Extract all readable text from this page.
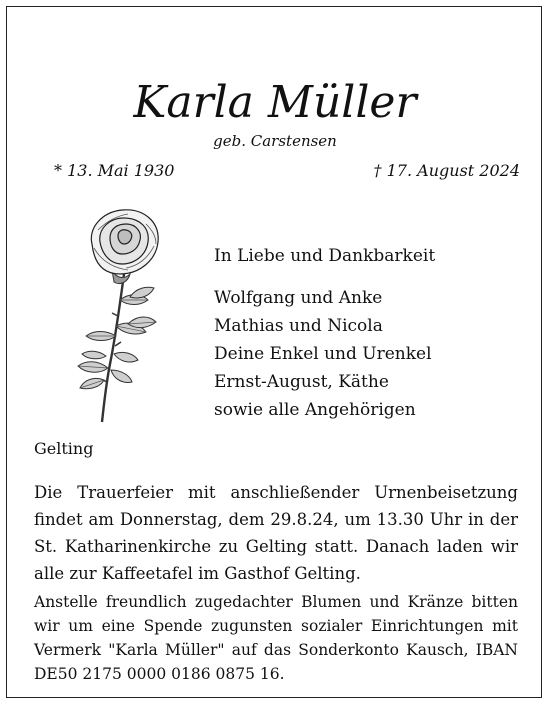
Karla Müller
geb. Carstensen
* 13. Mai 1930	† 17. August 2024
In Liebe und Dankbarkeit
Wolfgang und Anke
Mathias und Nicola
Deine Enkel und Urenkel
Ernst-August, Käthe
sowie alle Angehörigen
Gelting
Die Trauerfeier mit anschließender Urnenbeisetzung findet am Donnerstag, dem 29.8.24, um 13.30 Uhr in der St. Katharinenkirche zu Gelting statt. Danach laden wir alle zur Kaffeetafel im Gasthof Gelting.
Anstelle freundlich zugedachter Blumen und Kränze bitten wir um eine Spende zugunsten sozialer Einrichtungen mit Vermerk "Karla Müller" auf das Sonderkonto Kausch, IBAN DE50 2175 0000 0186 0875 16.
